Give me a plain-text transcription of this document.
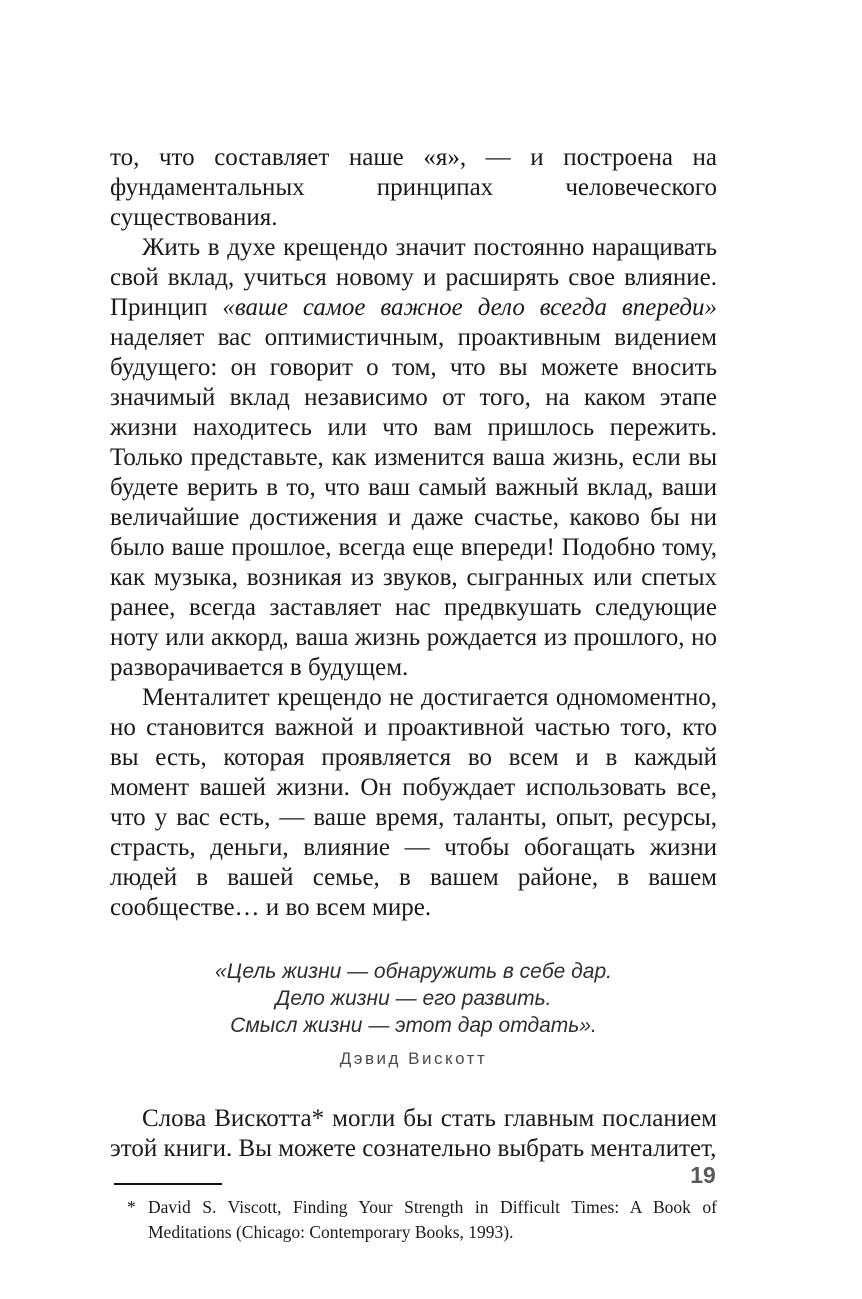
то, что составляет наше «я», — и построена на фундаментальных принципах человеческого существования.

Жить в духе крещендо значит постоянно наращивать свой вклад, учиться новому и расширять свое влияние. Принцип «ваше самое важное дело всегда впереди» наделяет вас оптимистичным, проактивным видением будущего: он говорит о том, что вы можете вносить значимый вклад независимо от того, на каком этапе жизни находитесь или что вам пришлось пережить. Только представьте, как изменится ваша жизнь, если вы будете верить в то, что ваш самый важный вклад, ваши величайшие достижения и даже счастье, каково бы ни было ваше прошлое, всегда еще впереди! Подобно тому, как музыка, возникая из звуков, сыгранных или спетых ранее, всегда заставляет нас предвкушать следующие ноту или аккорд, ваша жизнь рождается из прошлого, но разворачивается в будущем.

Менталитет крещендо не достигается одномоментно, но становится важной и проактивной частью того, кто вы есть, которая проявляется во всем и в каждый момент вашей жизни. Он побуждает использовать все, что у вас есть, — ваше время, таланты, опыт, ресурсы, страсть, деньги, влияние — чтобы обогащать жизни людей в вашей семье, в вашем районе, в вашем сообществе… и во всем мире.

«Цель жизни — обнаружить в себе дар.
Дело жизни — его развить.
Смысл жизни — этот дар отдать».
Дэвид Вискотт

Слова Вискотта* могли бы стать главным посланием этой книги. Вы можете сознательно выбрать менталитет,

* David S. Viscott, Finding Your Strength in Difficult Times: A Book of Meditations (Chicago: Contemporary Books, 1993).
19
